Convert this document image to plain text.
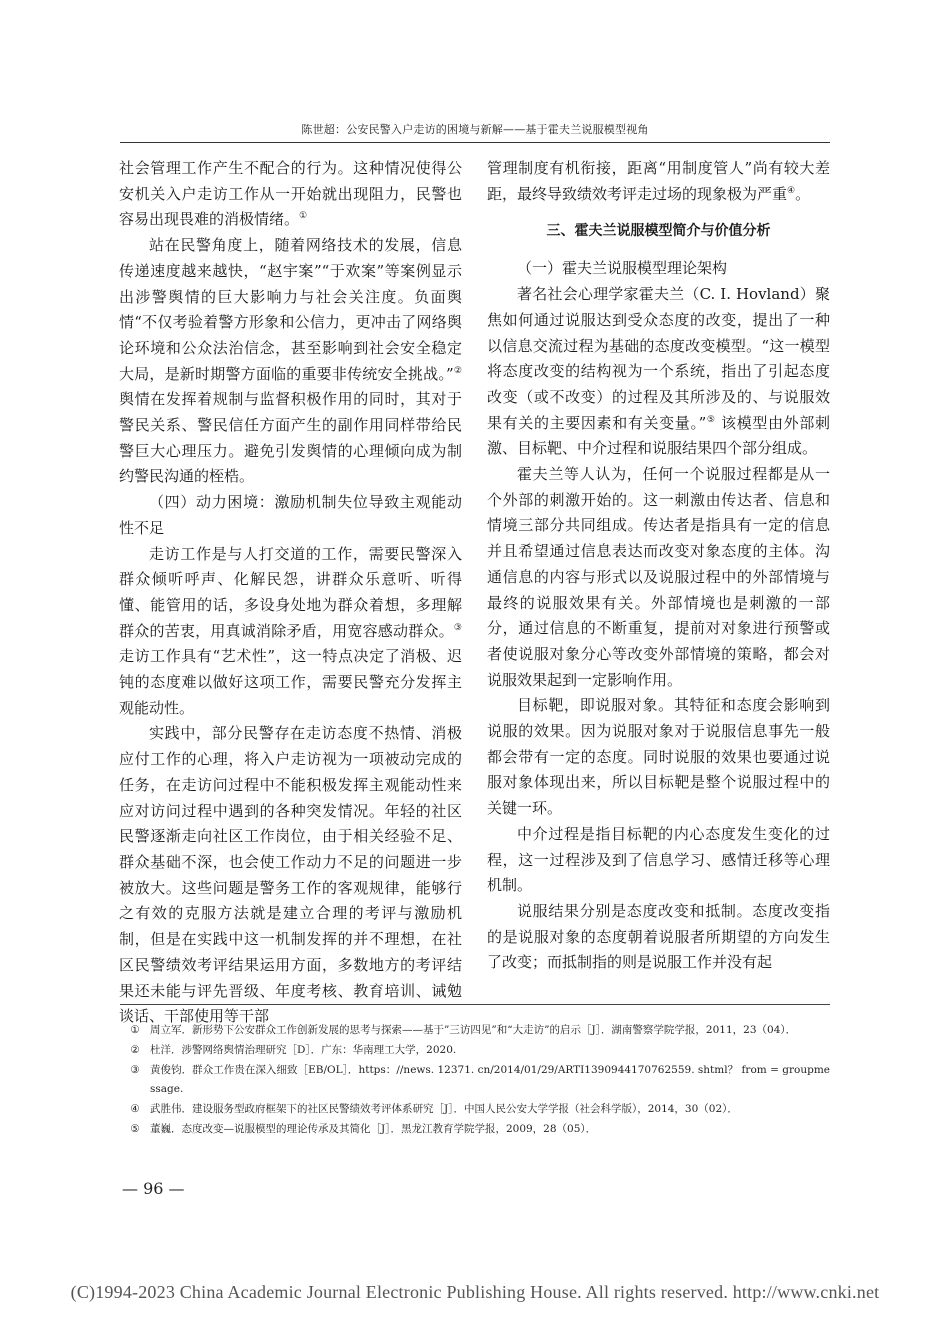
陈世超：公安民警入户走访的困境与新解——基于霍夫兰说服模型视角

社会管理工作产生不配合的行为。这种情况使得公安机关入户走访工作从一开始就出现阻力，民警也容易出现畏难的消极情绪。①

站在民警角度上，随着网络技术的发展，信息传递速度越来越快，“赵宇案”“于欢案”等案例显示出涉警舆情的巨大影响力与社会关注度。负面舆情“不仅考验着警方形象和公信力，更冲击了网络舆论环境和公众法治信念，甚至影响到社会安全稳定大局，是新时期警方面临的重要非传统安全挑战。”② 舆情在发挥着规制与监督积极作用的同时，其对于警民关系、警民信任方面产生的副作用同样带给民警巨大心理压力。避免引发舆情的心理倾向成为制约警民沟通的桎梏。

（四）动力困境：激励机制失位导致主观能动性不足

走访工作是与人打交道的工作，需要民警深入群众倾听呼声、化解民怨，讲群众乐意听、听得懂、能管用的话，多设身处地为群众着想，多理解群众的苦衷，用真诚消除矛盾，用宽容感动群众。③ 走访工作具有“艺术性”，这一特点决定了消极、迟钝的态度难以做好这项工作，需要民警充分发挥主观能动性。

实践中，部分民警存在走访态度不热情、消极应付工作的心理，将入户走访视为一项被动完成的任务，在走访问过程中不能积极发挥主观能动性来应对访问过程中遇到的各种突发情况。年轻的社区民警逐渐走向社区工作岗位，由于相关经验不足、群众基础不深，也会使工作动力不足的问题进一步被放大。这些问题是警务工作的客观规律，能够行之有效的克服方法就是建立合理的考评与激励机制，但是在实践中这一机制发挥的并不理想，在社区民警绩效考评结果运用方面，多数地方的考评结果还未能与评先晋级、年度考核、教育培训、诫勉谈话、干部使用等干部

管理制度有机衔接，距离“用制度管人”尚有较大差距，最终导致绩效考评走过场的现象极为严重④。

三、霍夫兰说服模型简介与价值分析

（一）霍夫兰说服模型理论架构

著名社会心理学家霍夫兰（C. I. Hovland）聚焦如何通过说服达到受众态度的改变，提出了一种以信息交流过程为基础的态度改变模型。“这一模型将态度改变的结构视为一个系统，指出了引起态度改变（或不改变）的过程及其所涉及的、与说服效果有关的主要因素和有关变量。”⑤ 该模型由外部刺激、目标靶、中介过程和说服结果四个部分组成。

霍夫兰等人认为，任何一个说服过程都是从一个外部的刺激开始的。这一刺激由传达者、信息和情境三部分共同组成。传达者是指具有一定的信息并且希望通过信息表达而改变对象态度的主体。沟通信息的内容与形式以及说服过程中的外部情境与最终的说服效果有关。外部情境也是刺激的一部分，通过信息的不断重复，提前对对象进行预警或者使说服对象分心等改变外部情境的策略，都会对说服效果起到一定影响作用。

目标靶，即说服对象。其特征和态度会影响到说服的效果。因为说服对象对于说服信息事先一般都会带有一定的态度。同时说服的效果也要通过说服对象体现出来，所以目标靶是整个说服过程中的关键一环。

中介过程是指目标靶的内心态度发生变化的过程，这一过程涉及到了信息学习、感情迁移等心理机制。

说服结果分别是态度改变和抵制。态度改变指的是说服对象的态度朝着说服者所期望的方向发生了改变；而抵制指的则是说服工作并没有起

① 周立军．新形势下公安群众工作创新发展的思考与探索——基于”三访四见”和“大走访”的启示［J］．湖南警察学院学报，2011，23（04）．
② 杜洋．涉警网络舆情治理研究［D］．广东：华南理工大学，2020.
③ 黄俊钧．群众工作贵在深入细致［EB/OL］．https：//news. 12371. cn/2014/01/29/ARTI1390944170762559. shtml？ from = groupmessage.
④ 武胜伟．建设服务型政府框架下的社区民警绩效考评体系研究［J］．中国人民公安大学学报（社会科学版），2014，30（02）．
⑤ 董巍．态度改变—说服模型的理论传承及其简化［J］．黑龙江教育学院学报，2009，28（05）．
— 96 —
(C)1994-2023 China Academic Journal Electronic Publishing House. All rights reserved. http://www.cnki.net
